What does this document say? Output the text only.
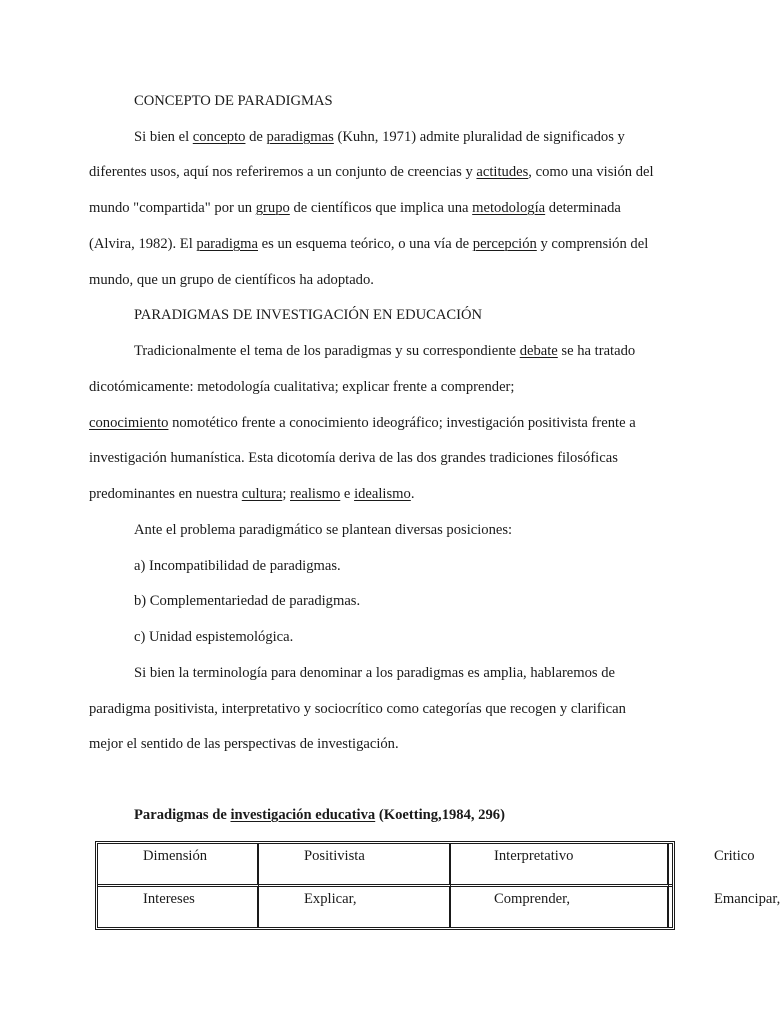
CONCEPTO DE PARADIGMAS
Si bien el concepto de paradigmas (Kuhn, 1971) admite pluralidad de significados y
diferentes usos, aquí nos referiremos a un conjunto de creencias y actitudes, como una visión del
mundo "compartida" por un grupo de científicos que implica una metodología determinada
(Alvira, 1982). El paradigma es un esquema teórico, o una vía de percepción y comprensión del
mundo, que un grupo de científicos ha adoptado.
PARADIGMAS DE INVESTIGACIÓN EN EDUCACIÓN
Tradicionalmente el tema de los paradigmas y su correspondiente debate se ha tratado
dicotómicamente: metodología cualitativa; explicar frente a comprender;
conocimiento nomotético frente a conocimiento ideográfico; investigación positivista frente a
investigación humanística. Esta dicotomía deriva de las dos grandes tradiciones filosóficas
predominantes en nuestra cultura; realismo e idealismo.
Ante el problema paradigmático se plantean diversas posiciones:
a) Incompatibilidad de paradigmas.
b) Complementariedad de paradigmas.
c) Unidad espistemológica.
Si bien la terminología para denominar a los paradigmas es amplia, hablaremos de
paradigma positivista, interpretativo y sociocrítico como categorías que recogen y clarifican
mejor el sentido de las perspectivas de investigación.
Paradigmas de investigación educativa (Koetting,1984, 296)
Dimensión	Positivista	Interpretativo	Critico
Intereses	Explicar,	Comprender,	Emancipar,
